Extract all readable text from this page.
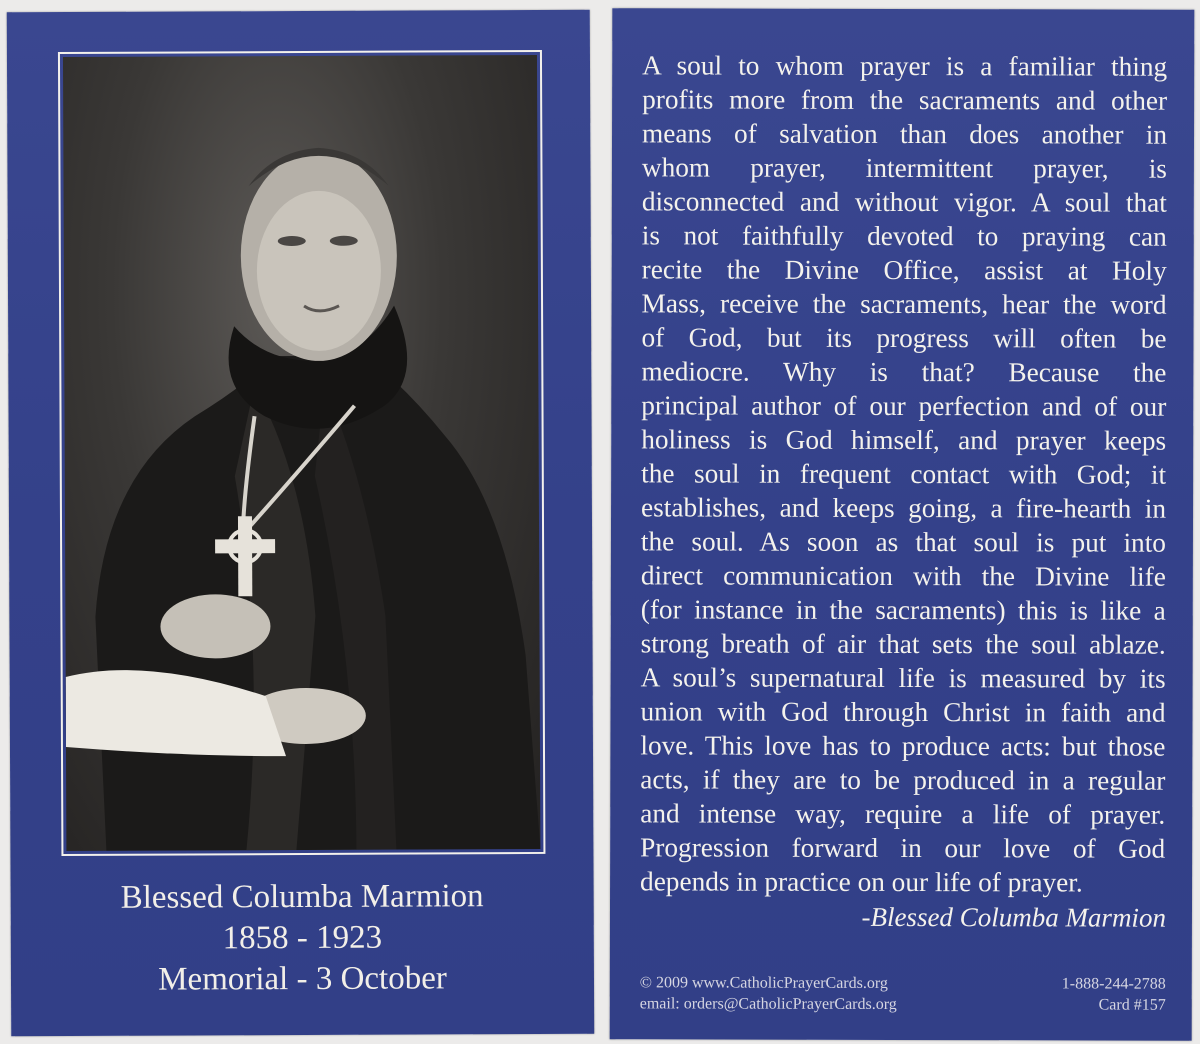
Blessed Columba Marmion
1858 - 1923
Memorial - 3 October
A soul to whom prayer is a familiar thing
profits more from the sacraments and other
means of salvation than does another in
whom prayer, intermittent prayer, is
disconnected and without vigor. A soul that
is not faithfully devoted to praying can
recite the Divine Office, assist at Holy
Mass, receive the sacraments, hear the word
of God, but its progress will often be
mediocre. Why is that? Because the
principal author of our perfection and of our
holiness is God himself, and prayer keeps
the soul in frequent contact with God; it
establishes, and keeps going, a fire-hearth in
the soul. As soon as that soul is put into
direct communication with the Divine life
(for instance in the sacraments) this is like a
strong breath of air that sets the soul ablaze.
A soul’s supernatural life is measured by its
union with God through Christ in faith and
love. This love has to produce acts: but those
acts, if they are to be produced in a regular
and intense way, require a life of prayer.
Progression forward in our love of God
depends in practice on our life of prayer.
-Blessed Columba Marmion
© 2009 www.CatholicPrayerCards.org
email: orders@CatholicPrayerCards.org
1-888-244-2788
Card #157
